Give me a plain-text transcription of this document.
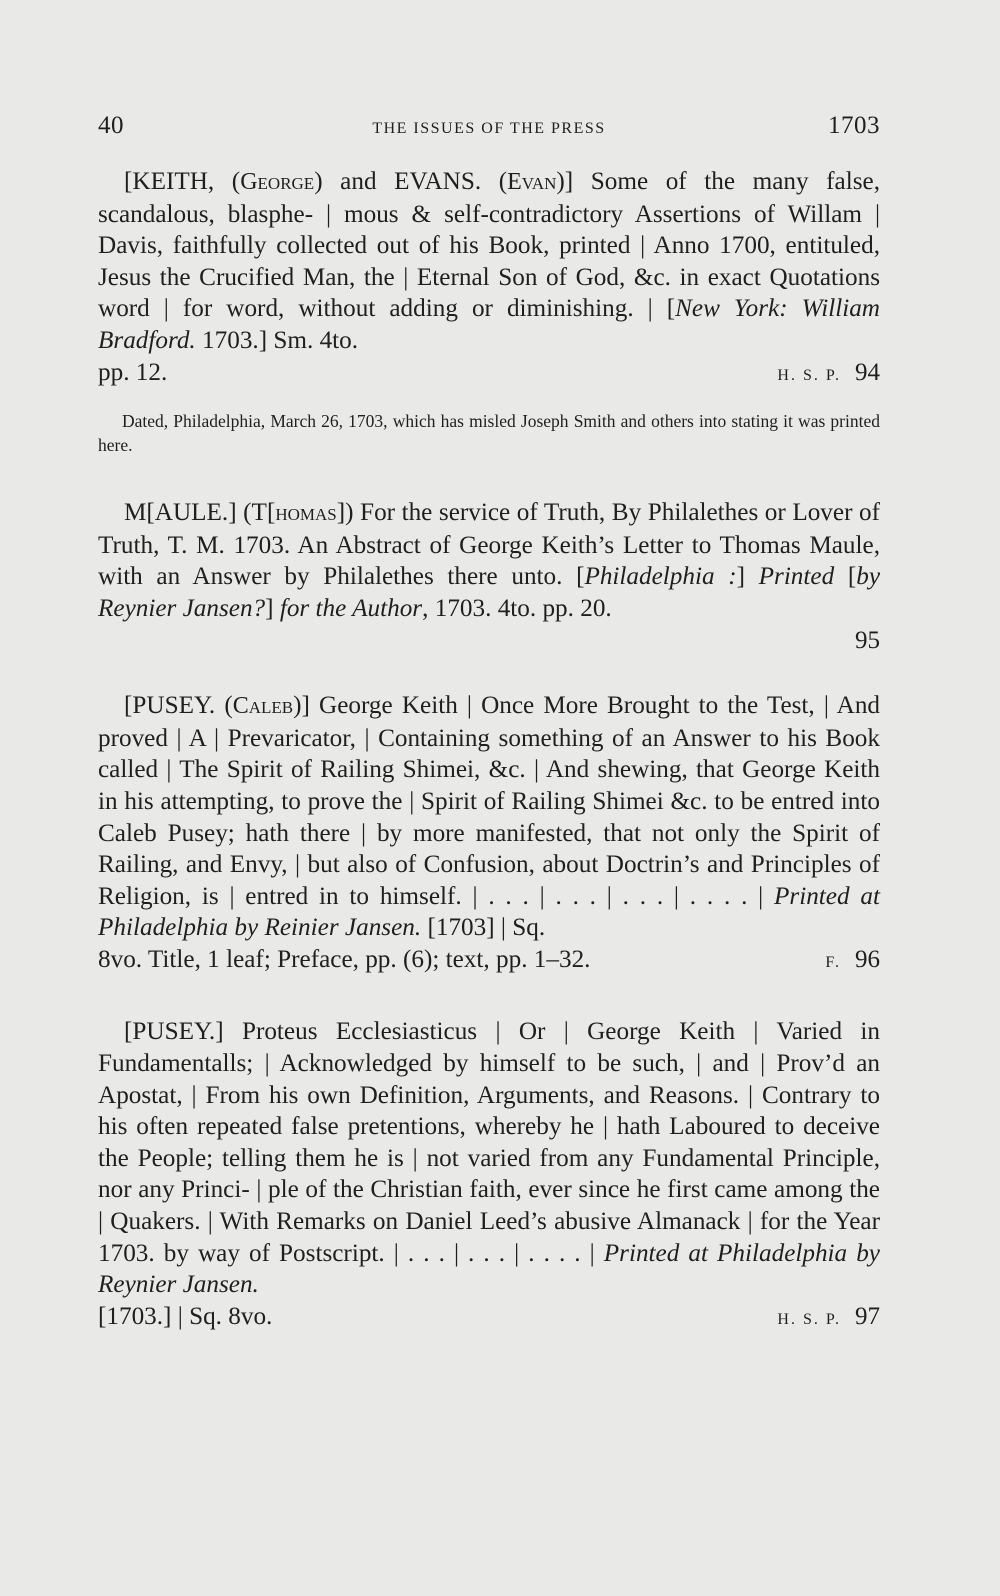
40	THE ISSUES OF THE PRESS	1703

[KEITH, (George) and EVANS. (Evan)] Some of the many false, scandalous, blasphe- | mous & self-contradictory Assertions of Willam | Davis, faithfully collected out of his Book, printed | Anno 1700, entituled, Jesus the Crucified Man, the | Eternal Son of God, &c. in exact Quotations word | for word, without adding or diminishing. | [New York: William Bradford. 1703.] Sm. 4to.

pp. 12.	H. S. P. 94

Dated, Philadelphia, March 26, 1703, which has misled Joseph Smith and others into stating it was printed here.

M[AULE.] (T[homas]) For the service of Truth, By Philalethes or Lover of Truth, T. M. 1703. An Abstract of George Keith’s Letter to Thomas Maule, with an Answer by Philalethes there unto. [Philadelphia :] Printed [by Reynier Jansen?] for the Author, 1703. 4to. pp. 20.

95

[PUSEY. (Caleb)] George Keith | Once More Brought to the Test, | And proved | A | Prevaricator, | Containing something of an Answer to his Book called | The Spirit of Railing Shimei, &c. | And shewing, that George Keith in his attempting, to prove the | Spirit of Railing Shimei &c. to be entred into Caleb Pusey; hath there | by more manifested, that not only the Spirit of Railing, and Envy, | but also of Confusion, about Doctrin’s and Principles of Religion, is | entred in to himself. | . . . | . . . | . . . | . . . . | Printed at Philadelphia by Reinier Jansen. [1703] | Sq.

8vo. Title, 1 leaf; Preface, pp. (6); text, pp. 1–32.	F. 96

[PUSEY.] Proteus Ecclesiasticus | Or | George Keith | Varied in Fundamentalls; | Acknowledged by himself to be such, | and | Prov’d an Apostat, | From his own Definition, Arguments, and Reasons. | Contrary to his often repeated false pretentions, whereby he | hath Laboured to deceive the People; telling them he is | not varied from any Fundamental Principle, nor any Princi- | ple of the Christian faith, ever since he first came among the | Quakers. | With Remarks on Daniel Leed’s abusive Almanack | for the Year 1703. by way of Postscript. | . . . | . . . | . . . . | Printed at Philadelphia by Reynier Jansen.

[1703.] | Sq. 8vo.	H. S. P. 97
